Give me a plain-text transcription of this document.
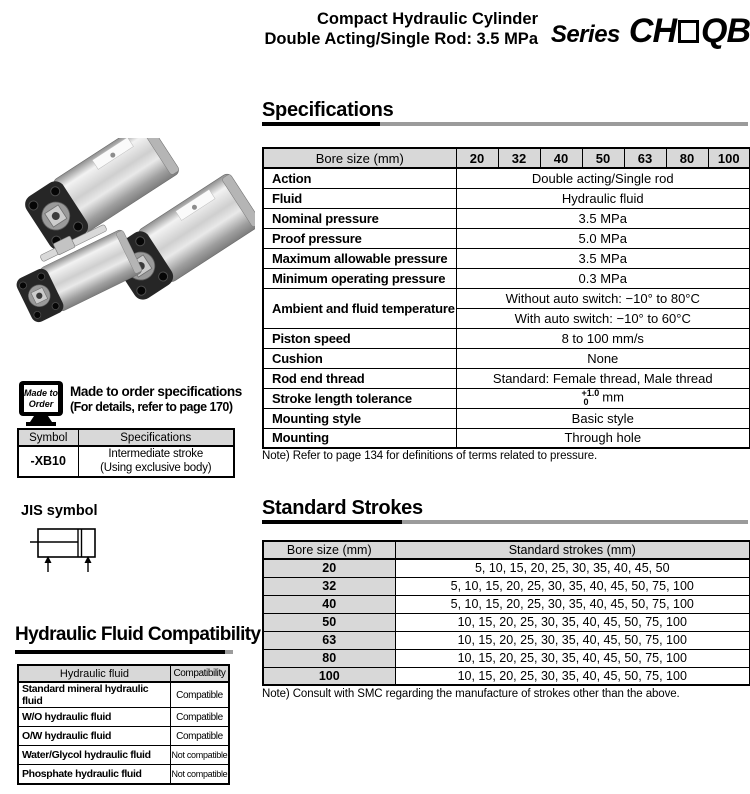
Compact Hydraulic Cylinder
Double Acting/Single Rod: 3.5 MPa Series CH QB
Made to
Order
Made to order specifications
(For details, refer to page 170)
Symbol	Specifications
-XB10	Intermediate stroke
(Using exclusive body)
JIS symbol
Hydraulic Fluid Compatibility
Hydraulic fluid	Compatibility
Standard mineral hydraulic fluid	Compatible
W/O hydraulic fluid	Compatible
O/W hydraulic fluid	Compatible
Water/Glycol hydraulic fluid	Not compatible
Phosphate hydraulic fluid	Not compatible
Specifications
Bore size (mm)	20	32	40	50	63	80	100
Action	Double acting/Single rod						
Fluid	Hydraulic fluid						
Nominal pressure	3.5 MPa						
Proof pressure	5.0 MPa						
Maximum allowable pressure	3.5 MPa						
Minimum operating pressure	0.3 MPa						
Ambient and fluid temperature	Without auto switch: −10° to 80°C						
	With auto switch: −10° to 60°C						
Piston speed	8 to 100 mm/s						
Cushion	None						
Rod end thread	Standard: Female thread, Male thread						
Stroke length tolerance	+1.0
0 mm						
Mounting style	Basic style						
Mounting	Through hole						
Note) Refer to page 134 for definitions of terms related to pressure.
Standard Strokes
Bore size (mm)	Standard strokes (mm)
20	5, 10, 15, 20, 25, 30, 35, 40, 45, 50
32	5, 10, 15, 20, 25, 30, 35, 40, 45, 50, 75, 100
40	5, 10, 15, 20, 25, 30, 35, 40, 45, 50, 75, 100
50	10, 15, 20, 25, 30, 35, 40, 45, 50, 75, 100
63	10, 15, 20, 25, 30, 35, 40, 45, 50, 75, 100
80	10, 15, 20, 25, 30, 35, 40, 45, 50, 75, 100
100	10, 15, 20, 25, 30, 35, 40, 45, 50, 75, 100
Note) Consult with SMC regarding the manufacture of strokes other than the above.
